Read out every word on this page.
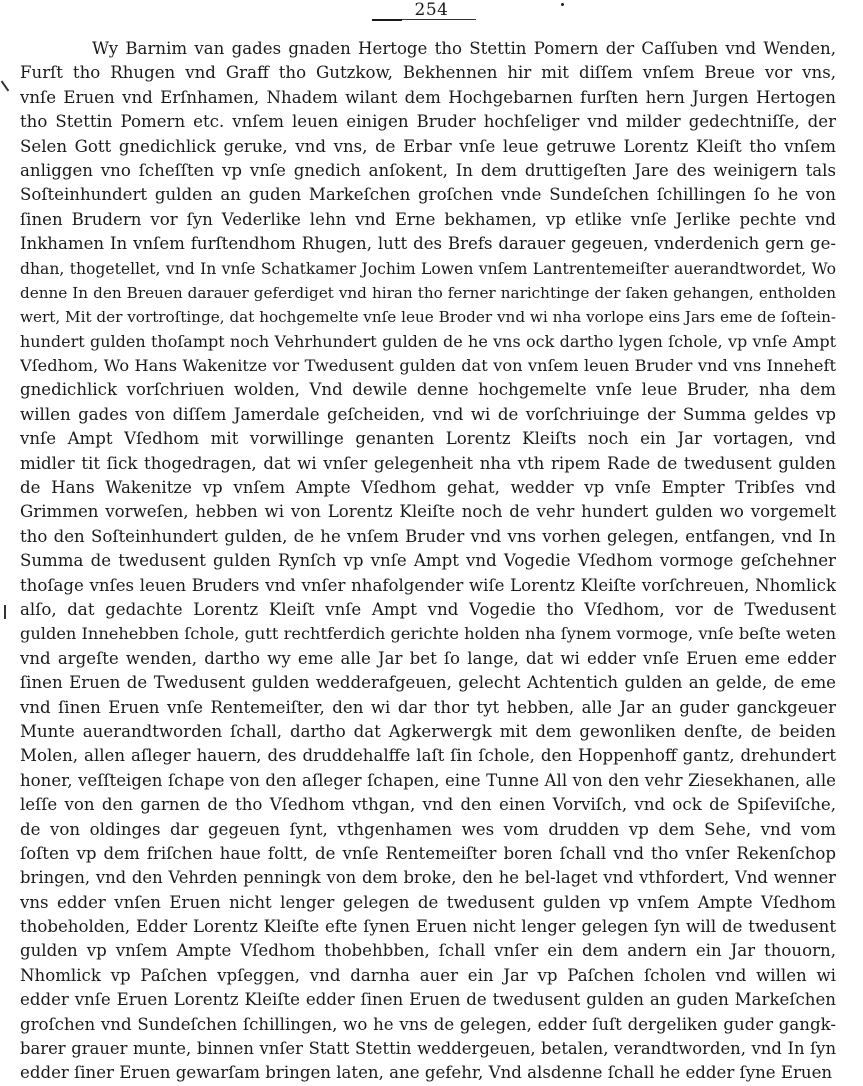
254
Wy Barnim van gades gnaden Hertoge tho Stettin Pomern der Caſſuben vnd Wenden,
Furſt tho Rhugen vnd Graff tho Gutzkow, Bekhennen hir mit diſſem vnſem Breue vor vns,
vnſe Eruen vnd Erſnhamen, Nhadem wilant dem Hochgebarnen furſten hern Jurgen Hertogen
tho Stettin Pomern etc. vnſem leuen einigen Bruder hochſeliger vnd milder gedechtniſſe, der
Selen Gott gnedichlick geruke, vnd vns, de Erbar vnſe leue getruwe Lorentz Kleiſt tho vnſem
anliggen vno ſcheſſten vp vnſe gnedich anſokent, In dem druttigeſten Jare des weinigern tals
Soſteinhundert gulden an guden Markeſchen groſchen vnde Sundeſchen ſchillingen ſo he von
ſinen Brudern vor ſyn Vederlike lehn vnd Erne bekhamen, vp etlike vnſe Jerlike pechte vnd
Inkhamen In vnſem furſtendhom Rhugen, lutt des Brefs darauer gegeuen, vnderdenich gern ge-
dhan, thogetellet, vnd In vnſe Schatkamer Jochim Lowen vnſem Lantrentemeiſter auerandtwordet, Wo
denne In den Breuen darauer geferdiget vnd hiran tho ferner narichtinge der ſaken gehangen, entholden
wert, Mit der vortroſtinge, dat hochgemelte vnſe leue Broder vnd wi nha vorlope eins Jars eme de ſoſtein-
hundert gulden thoſampt noch Vehrhundert gulden de he vns ock dartho lygen ſchole, vp vnſe Ampt
Vſedhom, Wo Hans Wakenitze vor Twedusent gulden dat von vnſem leuen Bruder vnd vns Inneheft
gnedichlick vorſchriuen wolden, Vnd dewile denne hochgemelte vnſe leue Bruder, nha dem
willen gades von diſſem Jamerdale geſcheiden, vnd wi de vorſchriuinge der Summa geldes vp
vnſe Ampt Vſedhom mit vorwillinge genanten Lorentz Kleiſts noch ein Jar vortagen, vnd
midler tit ſick thogedragen, dat wi vnſer gelegenheit nha vth ripem Rade de twedusent gulden
de Hans Wakenitze vp vnſem Ampte Vſedhom gehat, wedder vp vnſe Empter Tribſes vnd
Grimmen vorweſen, hebben wi von Lorentz Kleiſte noch de vehr hundert gulden wo vorgemelt
tho den Soſteinhundert gulden, de he vnſem Bruder vnd vns vorhen gelegen, entfangen, vnd In
Summa de twedusent gulden Rynſch vp vnſe Ampt vnd Vogedie Vſedhom vormoge geſchehner
thoſage vnſes leuen Bruders vnd vnſer nhafolgender wiſe Lorentz Kleiſte vorſchreuen, Nhomlick
alſo, dat gedachte Lorentz Kleiſt vnſe Ampt vnd Vogedie tho Vſedhom, vor de Twedusent
gulden Innehebben ſchole, gutt rechtferdich gerichte holden nha ſynem vormoge, vnſe beſte weten
vnd argeſte wenden, dartho wy eme alle Jar bet ſo lange, dat wi edder vnſe Eruen eme edder
ſinen Eruen de Twedusent gulden wedderafgeuen, gelecht Achtentich gulden an gelde, de eme
vnd ſinen Eruen vnſe Rentemeiſter, den wi dar thor tyt hebben, alle Jar an guder ganckgeuer
Munte auerandtworden ſchall, dartho dat Agkerwergk mit dem gewonliken denſte, de beiden
Molen, allen aſleger hauern, des druddehalffe laſt ſin ſchole, den Hoppenhoff gantz, drehundert
honer, veſſteigen ſchape von den aſleger ſchapen, eine Tunne All von den vehr Ziesekhanen, alle
leſſe von den garnen de tho Vſedhom vthgan, vnd den einen Vorviſch, vnd ock de Spiſeviſche,
de von oldinges dar gegeuen ſynt, vthgenhamen wes vom drudden vp dem Sehe, vnd vom
ſoſten vp dem friſchen haue foltt, de vnſe Rentemeiſter boren ſchall vnd tho vnſer Rekenſchop
bringen, vnd den Vehrden penningk von dem broke, den he bel-laget vnd vthfordert, Vnd wenner
vns edder vnſen Eruen nicht lenger gelegen de twedusent gulden vp vnſem Ampte Vſedhom
thobeholden, Edder Lorentz Kleiſte efte ſynen Eruen nicht lenger gelegen ſyn will de twedusent
gulden vp vnſem Ampte Vſedhom thobehbben, ſchall vnſer ein dem andern ein Jar thouorn,
Nhomlick vp Paſchen vpſeggen, vnd darnha auer ein Jar vp Paſchen ſcholen vnd willen wi
edder vnſe Eruen Lorentz Kleiſte edder ſinen Eruen de twedusent gulden an guden Markeſchen
groſchen vnd Sundeſchen ſchillingen, wo he vns de gelegen, edder ſuſt dergeliken guder gangk-
barer grauer munte, binnen vnſer Statt Stettin weddergeuen, betalen, verandtworden, vnd In ſyn
edder ſiner Eruen gewarſam bringen laten, ane gefehr, Vnd alsdenne ſchall he edder ſyne Eruen
